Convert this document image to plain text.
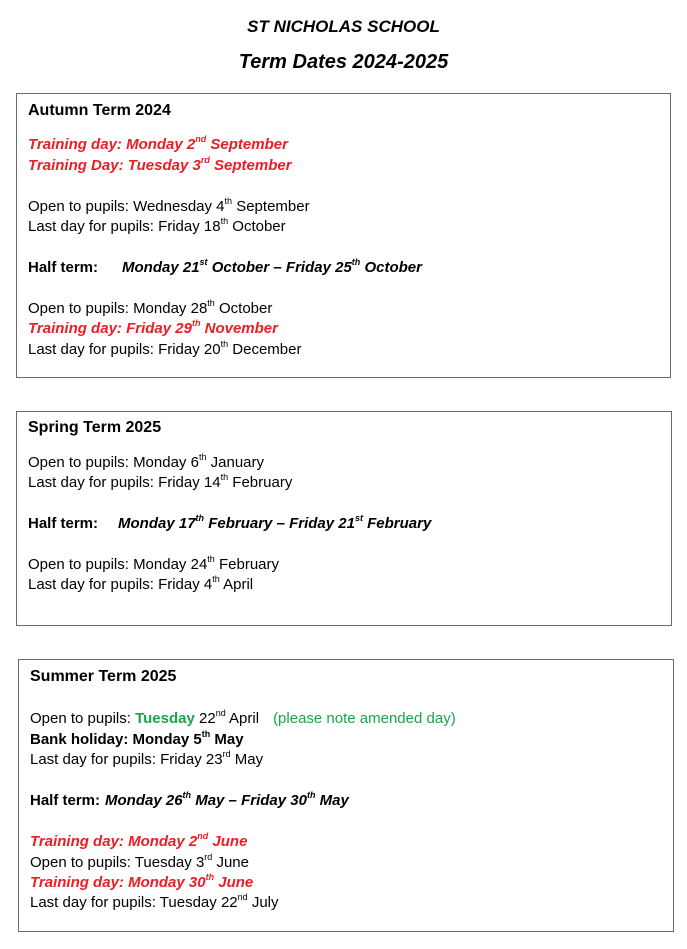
ST NICHOLAS SCHOOL
Term Dates 2024-2025
Autumn Term 2024
Training day: Monday 2nd September
Training Day: Tuesday 3rd September
Open to pupils: Wednesday 4th September
Last day for pupils: Friday 18th October
Half term: Monday 21st October – Friday 25th October
Open to pupils: Monday 28th October
Training day: Friday 29th November
Last day for pupils: Friday 20th December
Spring Term 2025
Open to pupils: Monday 6th January
Last day for pupils: Friday 14th February
Half term: Monday 17th February – Friday 21st February
Open to pupils: Monday 24th February
Last day for pupils: Friday 4th April
Summer Term 2025
Open to pupils: Tuesday 22nd April (please note amended day)
Bank holiday: Monday 5th May
Last day for pupils: Friday 23rd May
Half term: Monday 26th May – Friday 30th May
Training day: Monday 2nd June
Open to pupils: Tuesday 3rd June
Training day: Monday 30th June
Last day for pupils: Tuesday 22nd July
